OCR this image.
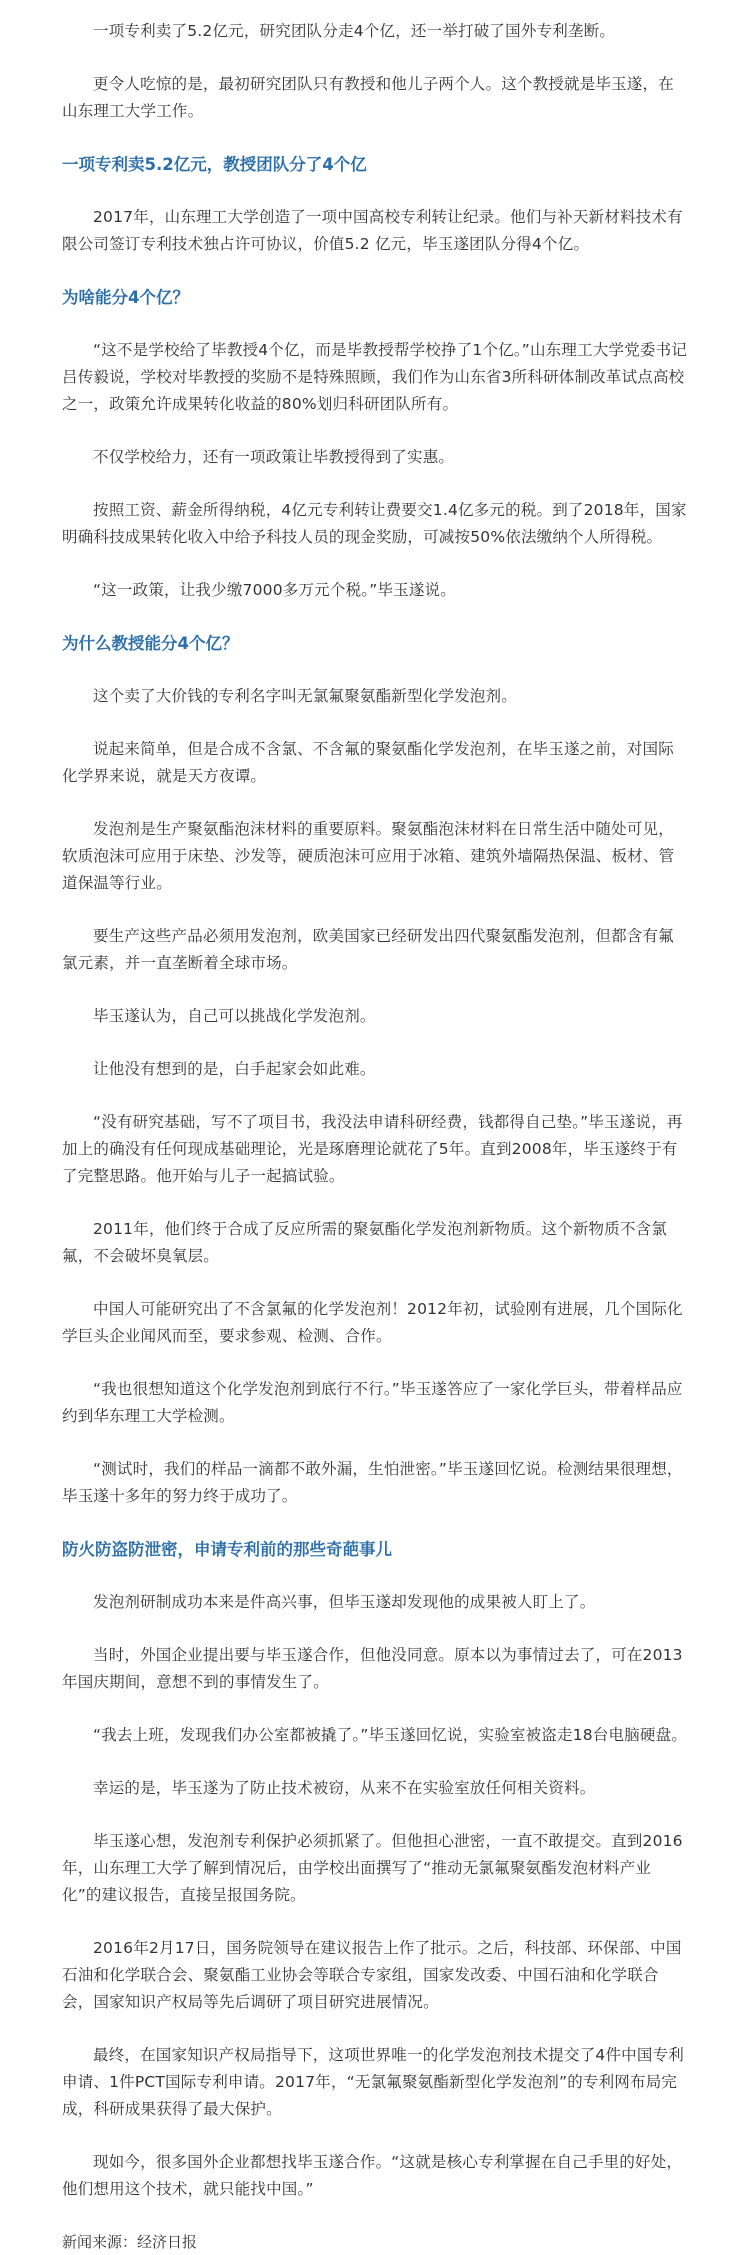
一项专利卖了5.2亿元，研究团队分走4个亿，还一举打破了国外专利垄断。

更令人吃惊的是，最初研究团队只有教授和他儿子两个人。这个教授就是毕玉遂，在山东理工大学工作。

一项专利卖5.2亿元，教授团队分了4个亿

2017年，山东理工大学创造了一项中国高校专利转让纪录。他们与补天新材料技术有限公司签订专利技术独占许可协议，价值5.2 亿元，毕玉遂团队分得4个亿。

为啥能分4个亿？

“这不是学校给了毕教授4个亿，而是毕教授帮学校挣了1个亿。”山东理工大学党委书记吕传毅说，学校对毕教授的奖励不是特殊照顾，我们作为山东省3所科研体制改革试点高校之一，政策允许成果转化收益的80%划归科研团队所有。

不仅学校给力，还有一项政策让毕教授得到了实惠。

按照工资、薪金所得纳税，4亿元专利转让费要交1.4亿多元的税。到了2018年，国家明确科技成果转化收入中给予科技人员的现金奖励，可减按50%依法缴纳个人所得税。

“这一政策，让我少缴7000多万元个税。”毕玉遂说。

为什么教授能分4个亿？

这个卖了大价钱的专利名字叫无氯氟聚氨酯新型化学发泡剂。

说起来简单，但是合成不含氯、不含氟的聚氨酯化学发泡剂，在毕玉遂之前，对国际化学界来说，就是天方夜谭。

发泡剂是生产聚氨酯泡沫材料的重要原料。聚氨酯泡沫材料在日常生活中随处可见，软质泡沫可应用于床垫、沙发等，硬质泡沫可应用于冰箱、建筑外墙隔热保温、板材、管道保温等行业。

要生产这些产品必须用发泡剂，欧美国家已经研发出四代聚氨酯发泡剂，但都含有氟氯元素，并一直垄断着全球市场。

毕玉遂认为，自己可以挑战化学发泡剂。

让他没有想到的是，白手起家会如此难。

“没有研究基础，写不了项目书，我没法申请科研经费，钱都得自己垫。”毕玉遂说，再加上的确没有任何现成基础理论，光是琢磨理论就花了5年。直到2008年，毕玉遂终于有了完整思路。他开始与儿子一起搞试验。

2011年，他们终于合成了反应所需的聚氨酯化学发泡剂新物质。这个新物质不含氯氟，不会破坏臭氧层。

中国人可能研究出了不含氯氟的化学发泡剂！2012年初，试验刚有进展，几个国际化学巨头企业闻风而至，要求参观、检测、合作。

“我也很想知道这个化学发泡剂到底行不行。”毕玉遂答应了一家化学巨头，带着样品应约到华东理工大学检测。

“测试时，我们的样品一滴都不敢外漏，生怕泄密。”毕玉遂回忆说。检测结果很理想，毕玉遂十多年的努力终于成功了。

防火防盗防泄密，申请专利前的那些奇葩事儿

发泡剂研制成功本来是件高兴事，但毕玉遂却发现他的成果被人盯上了。

当时，外国企业提出要与毕玉遂合作，但他没同意。原本以为事情过去了，可在2013年国庆期间，意想不到的事情发生了。

“我去上班，发现我们办公室都被撬了。”毕玉遂回忆说，实验室被盗走18台电脑硬盘。

幸运的是，毕玉遂为了防止技术被窃，从来不在实验室放任何相关资料。

毕玉遂心想，发泡剂专利保护必须抓紧了。但他担心泄密，一直不敢提交。直到2016年，山东理工大学了解到情况后，由学校出面撰写了“推动无氯氟聚氨酯发泡材料产业化”的建议报告，直接呈报国务院。

2016年2月17日，国务院领导在建议报告上作了批示。之后，科技部、环保部、中国石油和化学联合会、聚氨酯工业协会等联合专家组，国家发改委、中国石油和化学联合会，国家知识产权局等先后调研了项目研究进展情况。

最终，在国家知识产权局指导下，这项世界唯一的化学发泡剂技术提交了4件中国专利申请、1件PCT国际专利申请。2017年，“无氯氟聚氨酯新型化学发泡剂”的专利网布局完成，科研成果获得了最大保护。

现如今，很多国外企业都想找毕玉遂合作。“这就是核心专利掌握在自己手里的好处，他们想用这个技术，就只能找中国。”

新闻来源：经济日报
